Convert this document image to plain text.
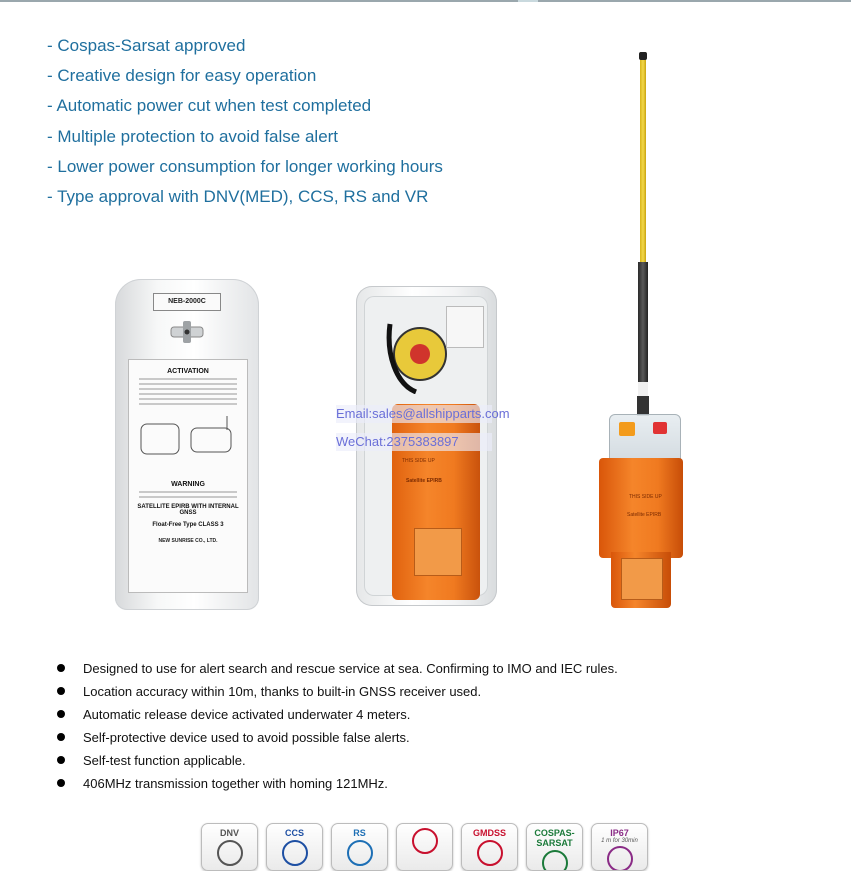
- Cospas-Sarsat approved
- Creative design for easy operation
- Automatic power cut when test completed
- Multiple protection to avoid false alert
- Lower power consumption for longer working hours
- Type approval with DNV(MED), CCS, RS and VR
NEB-2000C
ACTIVATION
WARNING
SATELLITE EPIRB WITH INTERNAL GNSS
Float-Free Type CLASS 3
NEW SUNRISE CO., LTD.
THIS SIDE UP
Satellite EPIRB
THIS SIDE UP
Satellite EPIRB
Email:sales@allshipparts.com
WeChat:2375383897
Designed to use for alert search and rescue service at sea. Confirming to IMO and IEC rules.
Location accuracy within 10m, thanks to built-in GNSS receiver used.
Automatic release device activated underwater 4 meters.
Self-protective device used to avoid possible false alerts.
Self-test function applicable.
406MHz transmission together with homing 121MHz.
DNV	CCS	RS	GMDSS	COSPAS-SARSAT
IP67
1 m for 30min
